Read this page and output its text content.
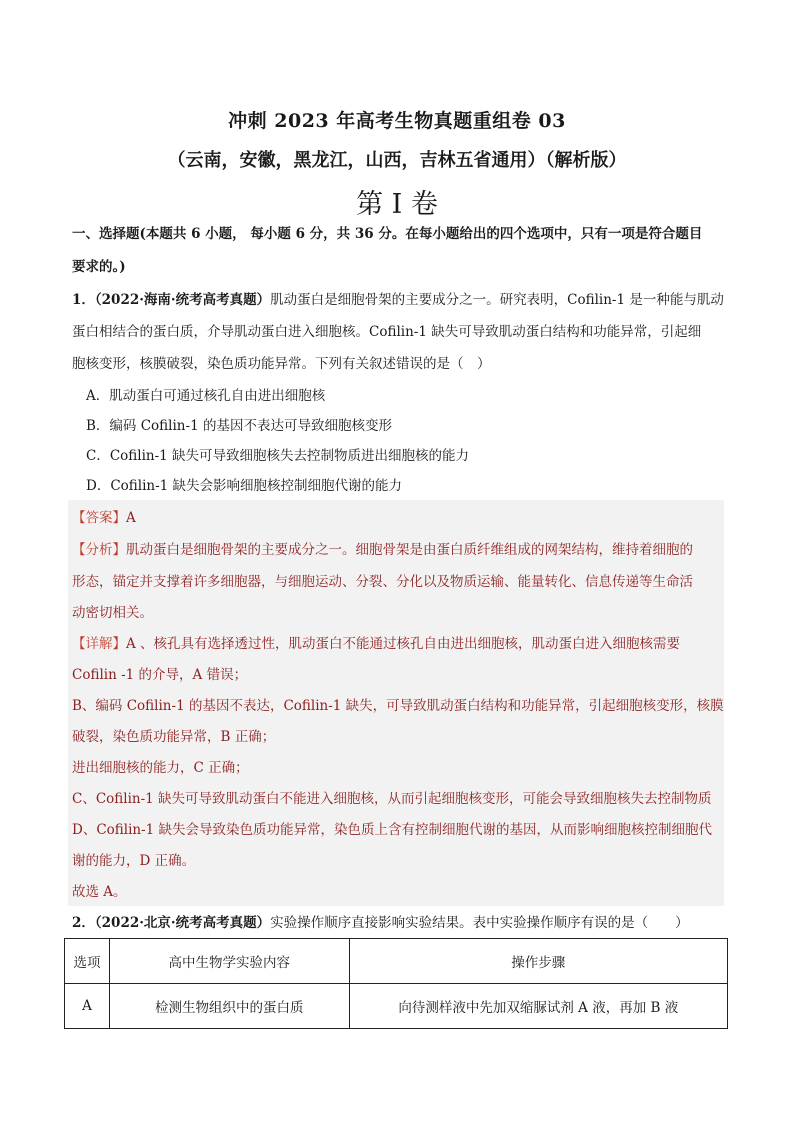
冲刺 2023 年高考生物真题重组卷 03
（云南，安徽，黑龙江，山西，吉林五省通用）（解析版）
第 I 卷
一、选择题(本题共 6 小题， 每小题 6 分，共 36 分。在每小题给出的四个选项中，只有一项是符合题目
要求的。)
1．（2022·海南·统考高考真题）肌动蛋白是细胞骨架的主要成分之一。研究表明，Cofilin-1 是一种能与肌动
蛋白相结合的蛋白质，介导肌动蛋白进入细胞核。Cofilin-1 缺失可导致肌动蛋白结构和功能异常，引起细
胞核变形，核膜破裂，染色质功能异常。下列有关叙述错误的是（　）
A．肌动蛋白可通过核孔自由进出细胞核
B．编码 Cofilin-1 的基因不表达可导致细胞核变形
C．Cofilin-1 缺失可导致细胞核失去控制物质进出细胞核的能力
D．Cofilin-1 缺失会影响细胞核控制细胞代谢的能力
【答案】A
【分析】肌动蛋白是细胞骨架的主要成分之一。细胞骨架是由蛋白质纤维组成的网架结构，维持着细胞的
形态，锚定并支撑着许多细胞器，与细胞运动、分裂、分化以及物质运输、能量转化、信息传递等生命活
动密切相关。
【详解】A 、核孔具有选择透过性，肌动蛋白不能通过核孔自由进出细胞核，肌动蛋白进入细胞核需要
Cofilin -1 的介导，A 错误；
B、编码 Cofilin-1 的基因不表达，Cofilin-1 缺失，可导致肌动蛋白结构和功能异常，引起细胞核变形，核膜
破裂，染色质功能异常，B 正确；
进出细胞核的能力，C 正确；
C、Cofilin-1 缺失可导致肌动蛋白不能进入细胞核，从而引起细胞核变形，可能会导致细胞核失去控制物质
D、Cofilin-1 缺失会导致染色质功能异常，染色质上含有控制细胞代谢的基因，从而影响细胞核控制细胞代
谢的能力，D 正确。
故选 A。
2．（2022·北京·统考高考真题）实验操作顺序直接影响实验结果。表中实验操作顺序有误的是（　　）
选项	高中生物学实验内容	操作步骤
A	检测生物组织中的蛋白质	向待测样液中先加双缩脲试剂 A 液，再加 B 液
